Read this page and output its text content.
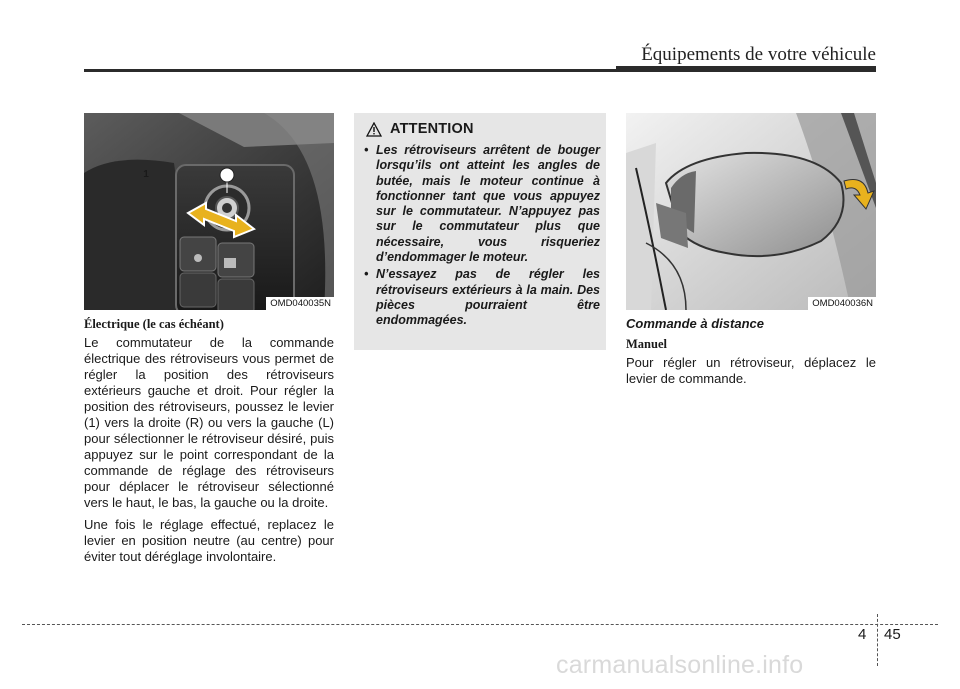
Équipements de votre véhicule
1
OMD040035N
Électrique (le cas échéant)

Le commutateur de la commande électrique des rétroviseurs vous permet de régler la position des rétroviseurs extérieurs gauche et droit. Pour régler la position des rétroviseurs, poussez le levier (1) vers la droite (R) ou vers la gauche (L) pour sélectionner le rétroviseur désiré, puis appuyez sur le point correspondant de la commande de réglage des rétroviseurs pour déplacer le rétroviseur sélectionné vers le haut, le bas, la gauche ou la droite.

Une fois le réglage effectué, replacez le levier en position neutre (au centre) pour éviter tout déréglage involontaire.

ATTENTION
• Les rétroviseurs arrêtent de bouger lorsqu’ils ont atteint les angles de butée, mais le moteur continue à fonctionner tant que vous appuyez sur le commutateur. N’appuyez pas sur le commutateur plus que nécessaire, vous risqueriez d’endommager le moteur.
• N’essayez pas de régler les rétroviseurs extérieurs à la main. Des pièces pourraient être endommagées.
OMD040036N
Commande à distance
Manuel

Pour régler un rétroviseur, déplacez le levier de commande.

4 45
carmanualsonline.info
